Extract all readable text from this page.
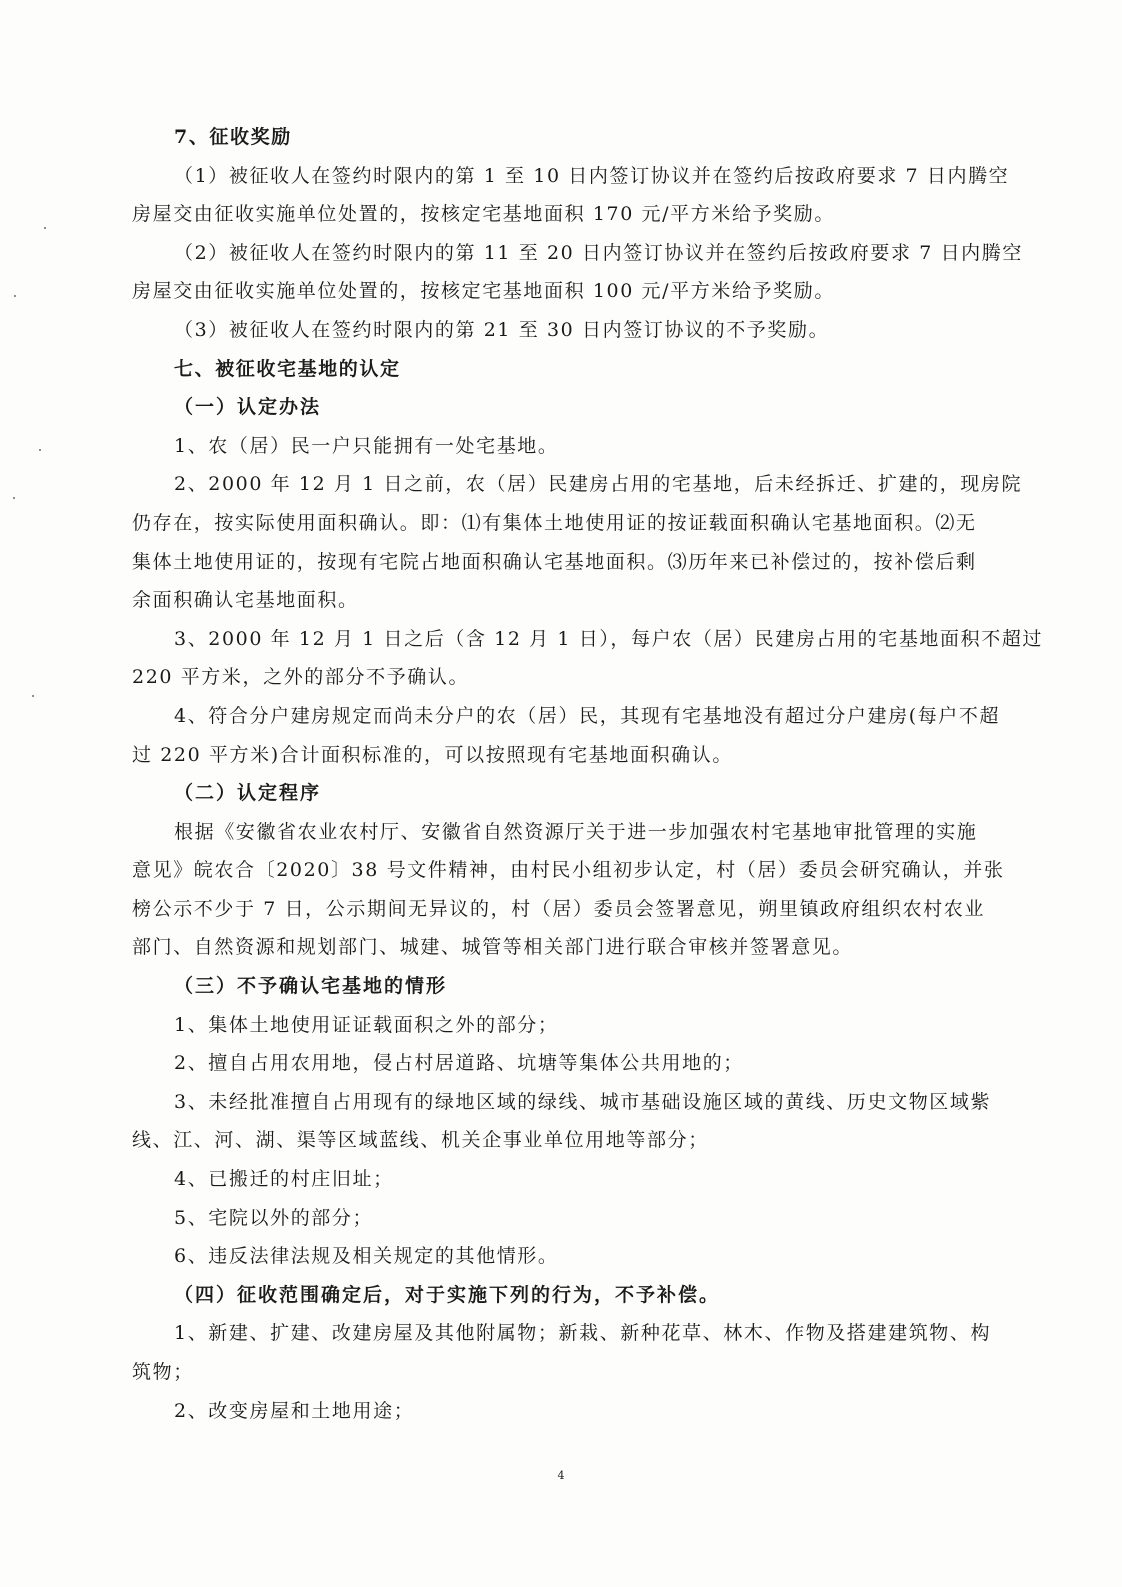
7、征收奖励
（1）被征收人在签约时限内的第 1 至 10 日内签订协议并在签约后按政府要求 7 日内腾空
房屋交由征收实施单位处置的，按核定宅基地面积 170 元/平方米给予奖励。
（2）被征收人在签约时限内的第 11 至 20 日内签订协议并在签约后按政府要求 7 日内腾空
房屋交由征收实施单位处置的，按核定宅基地面积 100 元/平方米给予奖励。
（3）被征收人在签约时限内的第 21 至 30 日内签订协议的不予奖励。
七、被征收宅基地的认定
（一）认定办法
1、农（居）民一户只能拥有一处宅基地。
2、2000 年 12 月 1 日之前，农（居）民建房占用的宅基地，后未经拆迁、扩建的，现房院
仍存在，按实际使用面积确认。即：⑴有集体土地使用证的按证载面积确认宅基地面积。⑵无
集体土地使用证的，按现有宅院占地面积确认宅基地面积。⑶历年来已补偿过的，按补偿后剩
余面积确认宅基地面积。
3、2000 年 12 月 1 日之后（含 12 月 1 日），每户农（居）民建房占用的宅基地面积不超过
220 平方米，之外的部分不予确认。
4、符合分户建房规定而尚未分户的农（居）民，其现有宅基地没有超过分户建房(每户不超
过 220 平方米)合计面积标准的，可以按照现有宅基地面积确认。
（二）认定程序
根据《安徽省农业农村厅、安徽省自然资源厅关于进一步加强农村宅基地审批管理的实施
意见》皖农合〔2020〕38 号文件精神，由村民小组初步认定，村（居）委员会研究确认，并张
榜公示不少于 7 日，公示期间无异议的，村（居）委员会签署意见，朔里镇政府组织农村农业
部门、自然资源和规划部门、城建、城管等相关部门进行联合审核并签署意见。
（三）不予确认宅基地的情形
1、集体土地使用证证载面积之外的部分；
2、擅自占用农用地，侵占村居道路、坑塘等集体公共用地的；
3、未经批准擅自占用现有的绿地区域的绿线、城市基础设施区域的黄线、历史文物区域紫
线、江、河、湖、渠等区域蓝线、机关企事业单位用地等部分；
4、已搬迁的村庄旧址；
5、宅院以外的部分；
6、违反法律法规及相关规定的其他情形。
（四）征收范围确定后，对于实施下列的行为，不予补偿。
1、新建、扩建、改建房屋及其他附属物；新栽、新种花草、林木、作物及搭建建筑物、构
筑物；
2、改变房屋和土地用途；
4
